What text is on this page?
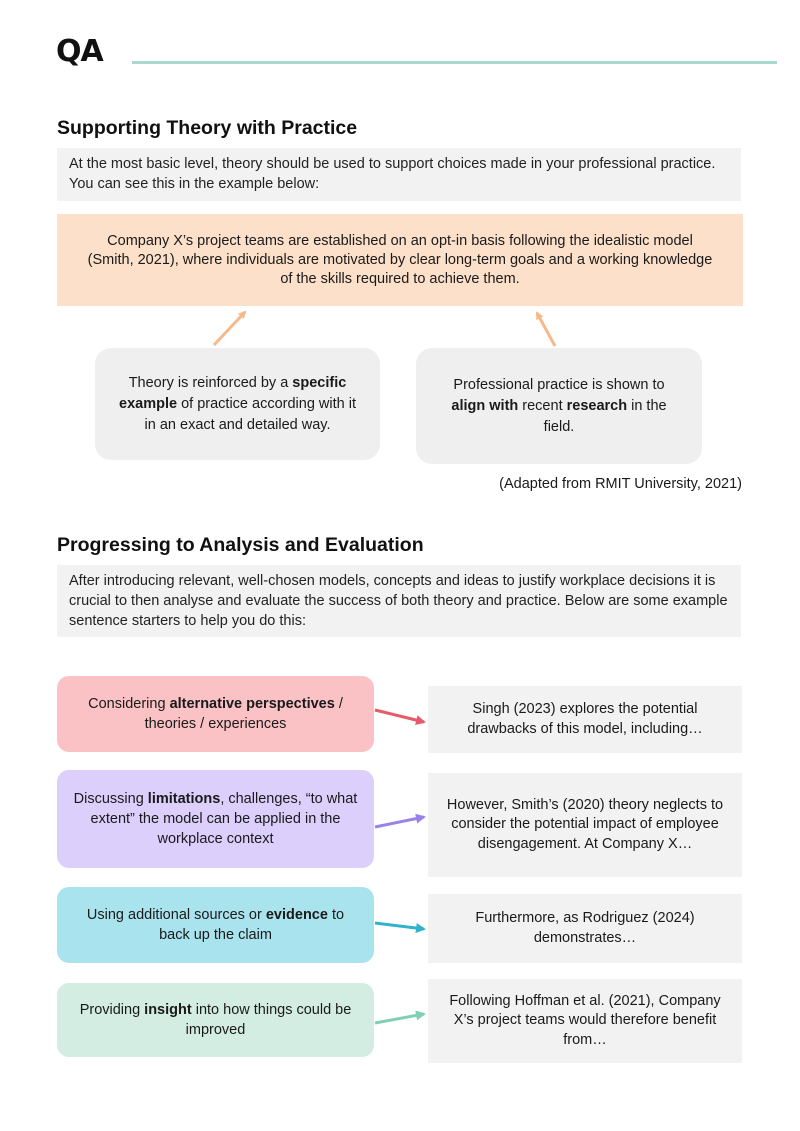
QA
Supporting Theory with Practice
At the most basic level, theory should be used to support choices made in your professional practice. You can see this in the example below:
Company X’s project teams are established on an opt-in basis following the idealistic model (Smith, 2021), where individuals are motivated by clear long-term goals and a working knowledge of the skills required to achieve them.
Theory is reinforced by a specific example of practice according with it in an exact and detailed way.
Professional practice is shown to align with recent research in the field.
(Adapted from RMIT University, 2021)
Progressing to Analysis and Evaluation
After introducing relevant, well-chosen models, concepts and ideas to justify workplace decisions it is crucial to then analyse and evaluate the success of both theory and practice. Below are some example sentence starters to help you do this:
Considering alternative perspectives / theories / experiences
Singh (2023) explores the potential drawbacks of this model, including…
Discussing limitations, challenges, “to what extent” the model can be applied in the workplace context
However, Smith’s (2020) theory neglects to consider the potential impact of employee disengagement. At Company X…
Using additional sources or evidence to back up the claim
Furthermore, as Rodriguez (2024) demonstrates…
Providing insight into how things could be improved
Following Hoffman et al. (2021), Company X’s project teams would therefore benefit from…
